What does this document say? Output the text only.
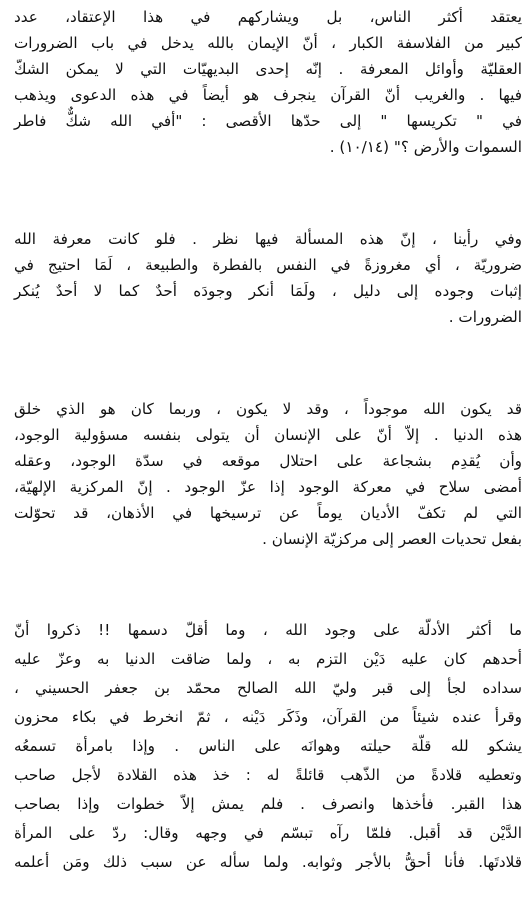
يعتقد أكثر الناس، بل ويشاركهم في هذا الإعتقاد، عدد
كبير من الفلاسفة الكبار ، أنّ الإيمان بالله يدخل في باب الضرورات
العقليّة وأوائل المعرفة . إنّه إحدى البديهيّات التي لا يمكن الشكّ
فيها . والغريب أنّ القرآن ينجرف هو أيضاً في هذه الدعوى ويذهب
في " تكريسها " إلى حدّها الأقصى : "أفي الله شكٌّ فاطر
السموات والأرض ؟" (١٠/١٤) .
وفي رأينا ، إنّ هذه المسألة فيها نظر . فلو كانت معرفة الله
ضروريّة ، أي مغروزةً في النفس بالفطرة والطبيعة ، لَمَا احتيج في
إثبات وجوده إلى دليل ، ولَمَا أنكر وجودَه أحدٌ كما لا أحدٌ يُنكر
الضرورات .
قد يكون الله موجوداً ، وقد لا يكون ، وربما كان هو الذي خلق
هذه الدنيا . إلاّ أنّ على الإنسان أن يتولى بنفسه مسؤولية الوجود،
وأن يُقدِم بشجاعة على احتلال موقعه في سدّة الوجود، وعقله
أمضى سلاح في معركة الوجود إذا عزّ الوجود . إنّ المركزية الإلهيّة،
التي لم تكفّ الأديان يوماً عن ترسيخها في الأذهان، قد تحوّلت
بفعل تحديات العصر إلى مركزيّة الإنسان .
ما أكثر الأدلّة على وجود الله ، وما أقلّ دسمها !! ذكروا أنّ
أحدهم كان عليه دَيْن التزم به ، ولما ضاقت الدنيا به وعزّ عليه
سداده لجأ إلى قبر وليّ الله الصالح محمّد بن جعفر الحسيني ،
وقرأ عنده شيئاً من القرآن، وذَكَر دَيْنه ، ثمّ انخرط في بكاء محزون
يشكو لله قلّة حيلته وهوانَه على الناس . وإذا بامرأة تسمعُه
وتعطيه قلادةً من الذّهب قائلةً له : خذ هذه القلادة لأجل صاحب
هذا القبر. فأخذها وانصرف . فلم يمش إلاّ خطوات وإذا بصاحب
الدَّيْن قد أقبل. فلمّا رآه تبسّم في وجهه وقال: ردّ على المرأة
قلادتَها. فأنا أحقُّ بالأجر وثوابه. ولما سأله عن سبب ذلك ومَن أعلمه
